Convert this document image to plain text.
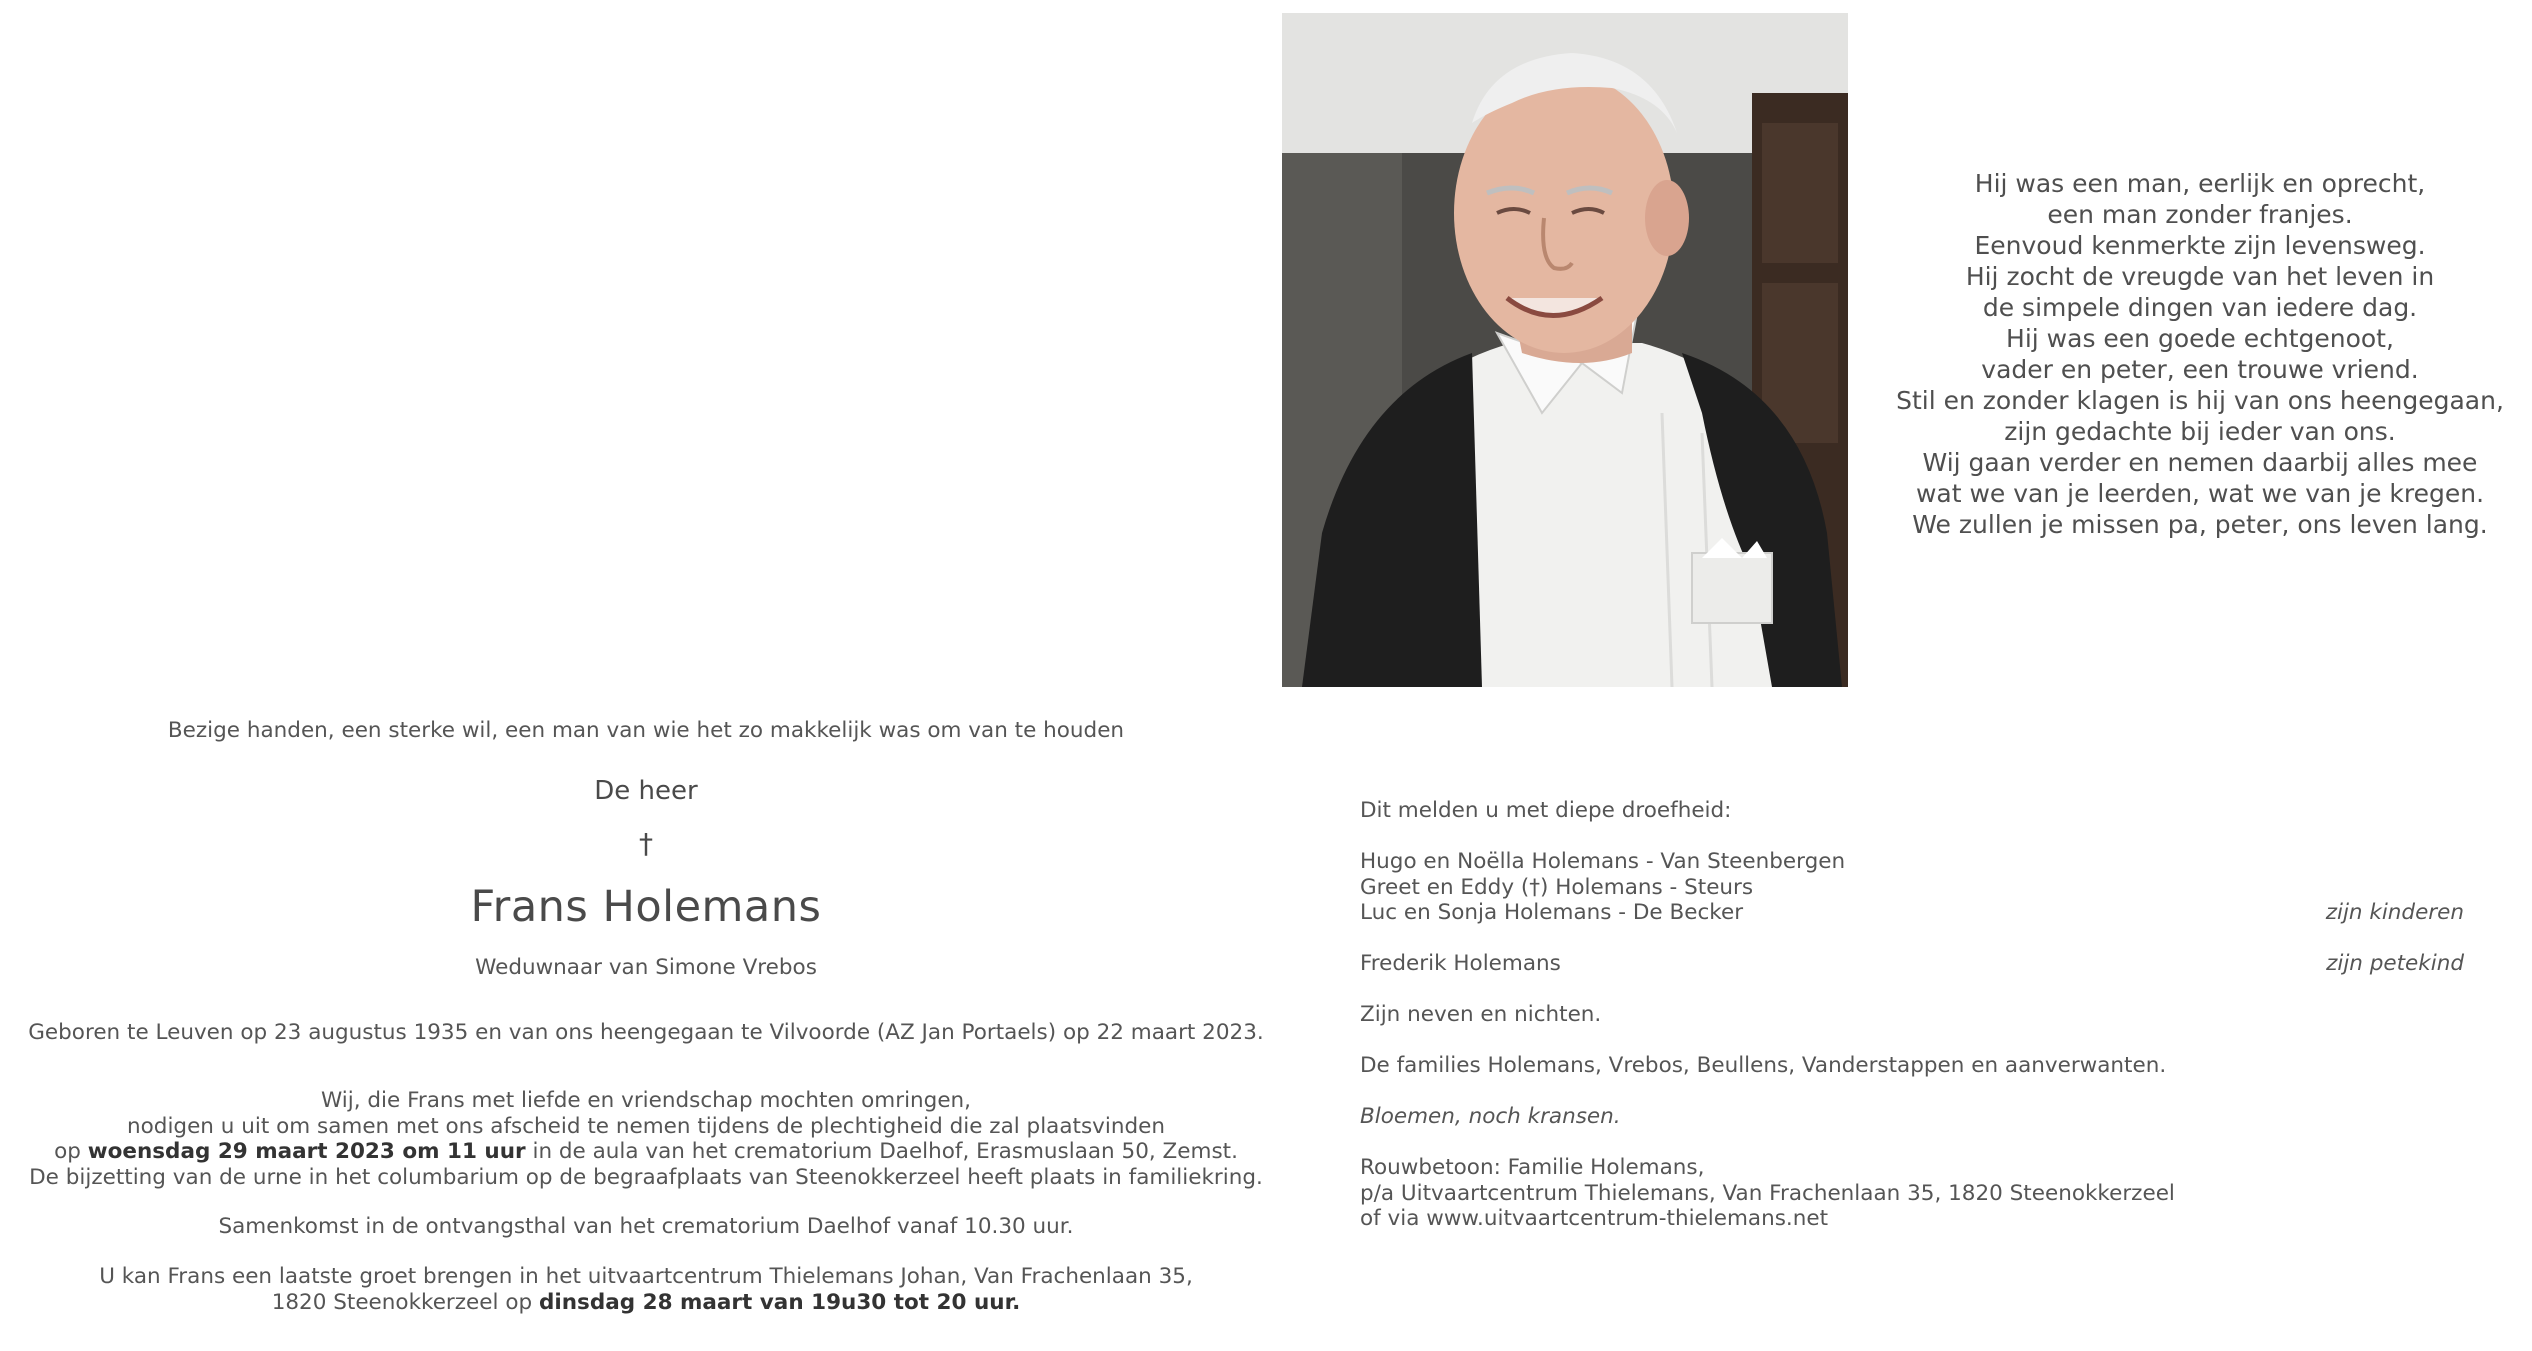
Hij was een man, eerlijk en oprecht,
een man zonder franjes.
Eenvoud kenmerkte zijn levensweg.
Hij zocht de vreugde van het leven in
de simpele dingen van iedere dag.
Hij was een goede echtgenoot,
vader en peter, een trouwe vriend.
Stil en zonder klagen is hij van ons heengegaan,
zijn gedachte bij ieder van ons.
Wij gaan verder en nemen daarbij alles mee
wat we van je leerden, wat we van je kregen.
We zullen je missen pa, peter, ons leven lang.
Bezige handen, een sterke wil, een man van wie het zo makkelijk was om van te houden
De heer
†
Frans Holemans
Weduwnaar van Simone Vrebos
Geboren te Leuven op 23 augustus 1935 en van ons heengegaan te Vilvoorde (AZ Jan Portaels) op 22 maart 2023.
Wij, die Frans met liefde en vriendschap mochten omringen,
nodigen u uit om samen met ons afscheid te nemen tijdens de plechtigheid die zal plaatsvinden
op woensdag 29 maart 2023 om 11 uur in de aula van het crematorium Daelhof, Erasmuslaan 50, Zemst.
De bijzetting van de urne in het columbarium op de begraafplaats van Steenokkerzeel heeft plaats in familiekring.
Samenkomst in de ontvangsthal van het crematorium Daelhof vanaf 10.30 uur.
U kan Frans een laatste groet brengen in het uitvaartcentrum Thielemans Johan, Van Frachenlaan 35,
1820 Steenokkerzeel op dinsdag 28 maart van 19u30 tot 20 uur.
Dit melden u met diepe droefheid:
Hugo en Noëlla Holemans - Van Steenbergen
Greet en Eddy (†) Holemans - Steurs
Luc en Sonja Holemans - De Becker	zijn kinderen
Frederik Holemans	zijn petekind
Zijn neven en nichten.
De families Holemans, Vrebos, Beullens, Vanderstappen en aanverwanten.
Bloemen, noch kransen.
Rouwbetoon: Familie Holemans,
p/a Uitvaartcentrum Thielemans, Van Frachenlaan 35, 1820 Steenokkerzeel
of via www.uitvaartcentrum-thielemans.net
